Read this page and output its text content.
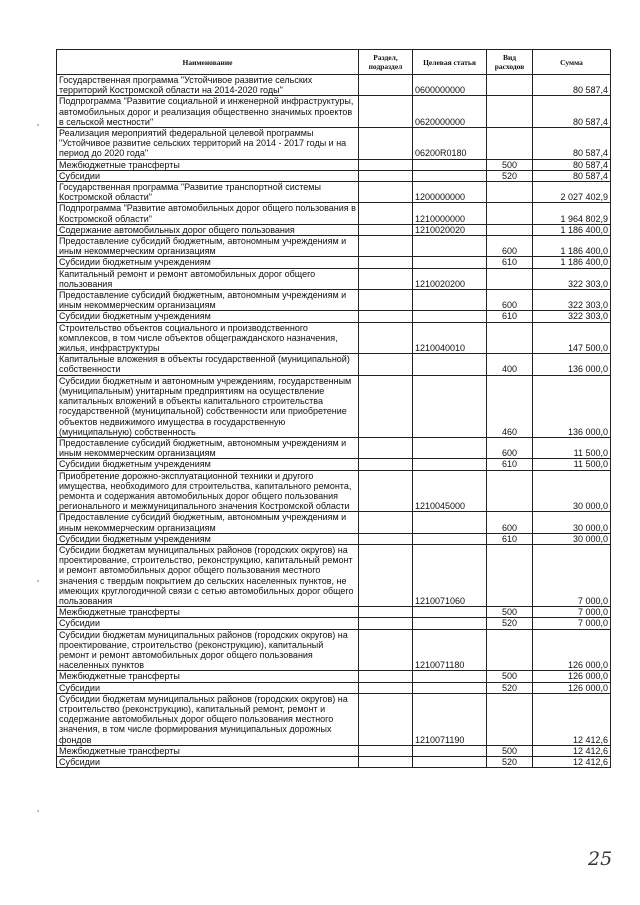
Наименование	Раздел, подраздел	Целевая статья	Вид расходов	Сумма
Государственная программа "Устойчивое развитие сельских территорий Костромской области на 2014-2020 годы"		0600000000		80 587,4
Подпрограмма "Развитие социальной и инженерной инфраструктуры, автомобильных дорог и реализация общественно значимых проектов в сельской местности"		0620000000		80 587,4
Реализация мероприятий федеральной целевой программы "Устойчивое развитие сельских территорий на 2014 - 2017 годы и на период до 2020 года"		06200R0180		80 587,4
Межбюджетные трансферты			500	80 587,4
Субсидии			520	80 587,4
Государственная программа "Развитие транспортной системы Костромской области"		1200000000		2 027 402,9
Подпрограмма "Развитие автомобильных дорог общего пользования в Костромской области"		1210000000		1 964 802,9
Содержание автомобильных дорог общего пользования		1210020020		1 186 400,0
Предоставление субсидий бюджетным, автономным учреждениям и иным некоммерческим организациям			600	1 186 400,0
Субсидии бюджетным учреждениям			610	1 186 400,0
Капитальный ремонт и ремонт автомобильных дорог общего пользования		1210020200		322 303,0
Предоставление субсидий бюджетным, автономным учреждениям и иным некоммерческим организациям			600	322 303,0
Субсидии бюджетным учреждениям			610	322 303,0
Строительство объектов социального и производственного комплексов, в том числе объектов общегражданского назначения, жилья, инфраструктуры		1210040010		147 500,0
Капитальные вложения в объекты государственной (муниципальной) собственности			400	136 000,0
Субсидии бюджетным и автономным учреждениям, государственным (муниципальным) унитарным предприятиям на осуществление капитальных вложений в объекты капитального строительства государственной (муниципальной) собственности или приобретение объектов недвижимого имущества в государственную (муниципальную) собственность			460	136 000,0
Предоставление субсидий бюджетным, автономным учреждениям и иным некоммерческим организациям			600	11 500,0
Субсидии бюджетным учреждениям			610	11 500,0
Приобретение дорожно-эксплуатационной техники и другого имущества, необходимого для строительства, капитального ремонта, ремонта и содержания автомобильных дорог общего пользования регионального и межмуниципального значения Костромской области		1210045000		30 000,0
Предоставление субсидий бюджетным, автономным учреждениям и иным некоммерческим организациям			600	30 000,0
Субсидии бюджетным учреждениям			610	30 000,0
Субсидии бюджетам муниципальных районов (городских округов) на проектирование, строительство, реконструкцию, капитальный ремонт и ремонт автомобильных дорог общего пользования местного значения с твердым покрытием до сельских населенных пунктов, не имеющих круглогодичной связи с сетью автомобильных дорог общего пользования		1210071060		7 000,0
Межбюджетные трансферты			500	7 000,0
Субсидии			520	7 000,0
Субсидии бюджетам муниципальных районов (городских округов) на проектирование, строительство (реконструкцию), капитальный ремонт и ремонт автомобильных дорог общего пользования населенных пунктов		1210071180		126 000,0
Межбюджетные трансферты			500	126 000,0
Субсидии			520	126 000,0
Субсидии бюджетам муниципальных районов (городских округов) на строительство (реконструкцию), капитальный ремонт, ремонт и содержание автомобильных дорог общего пользования местного значения, в том числе формирования муниципальных дорожных фондов		1210071190		12 412,6
Межбюджетные трансферты			500	12 412,6
Субсидии			520	12 412,6
`
`
`
25
